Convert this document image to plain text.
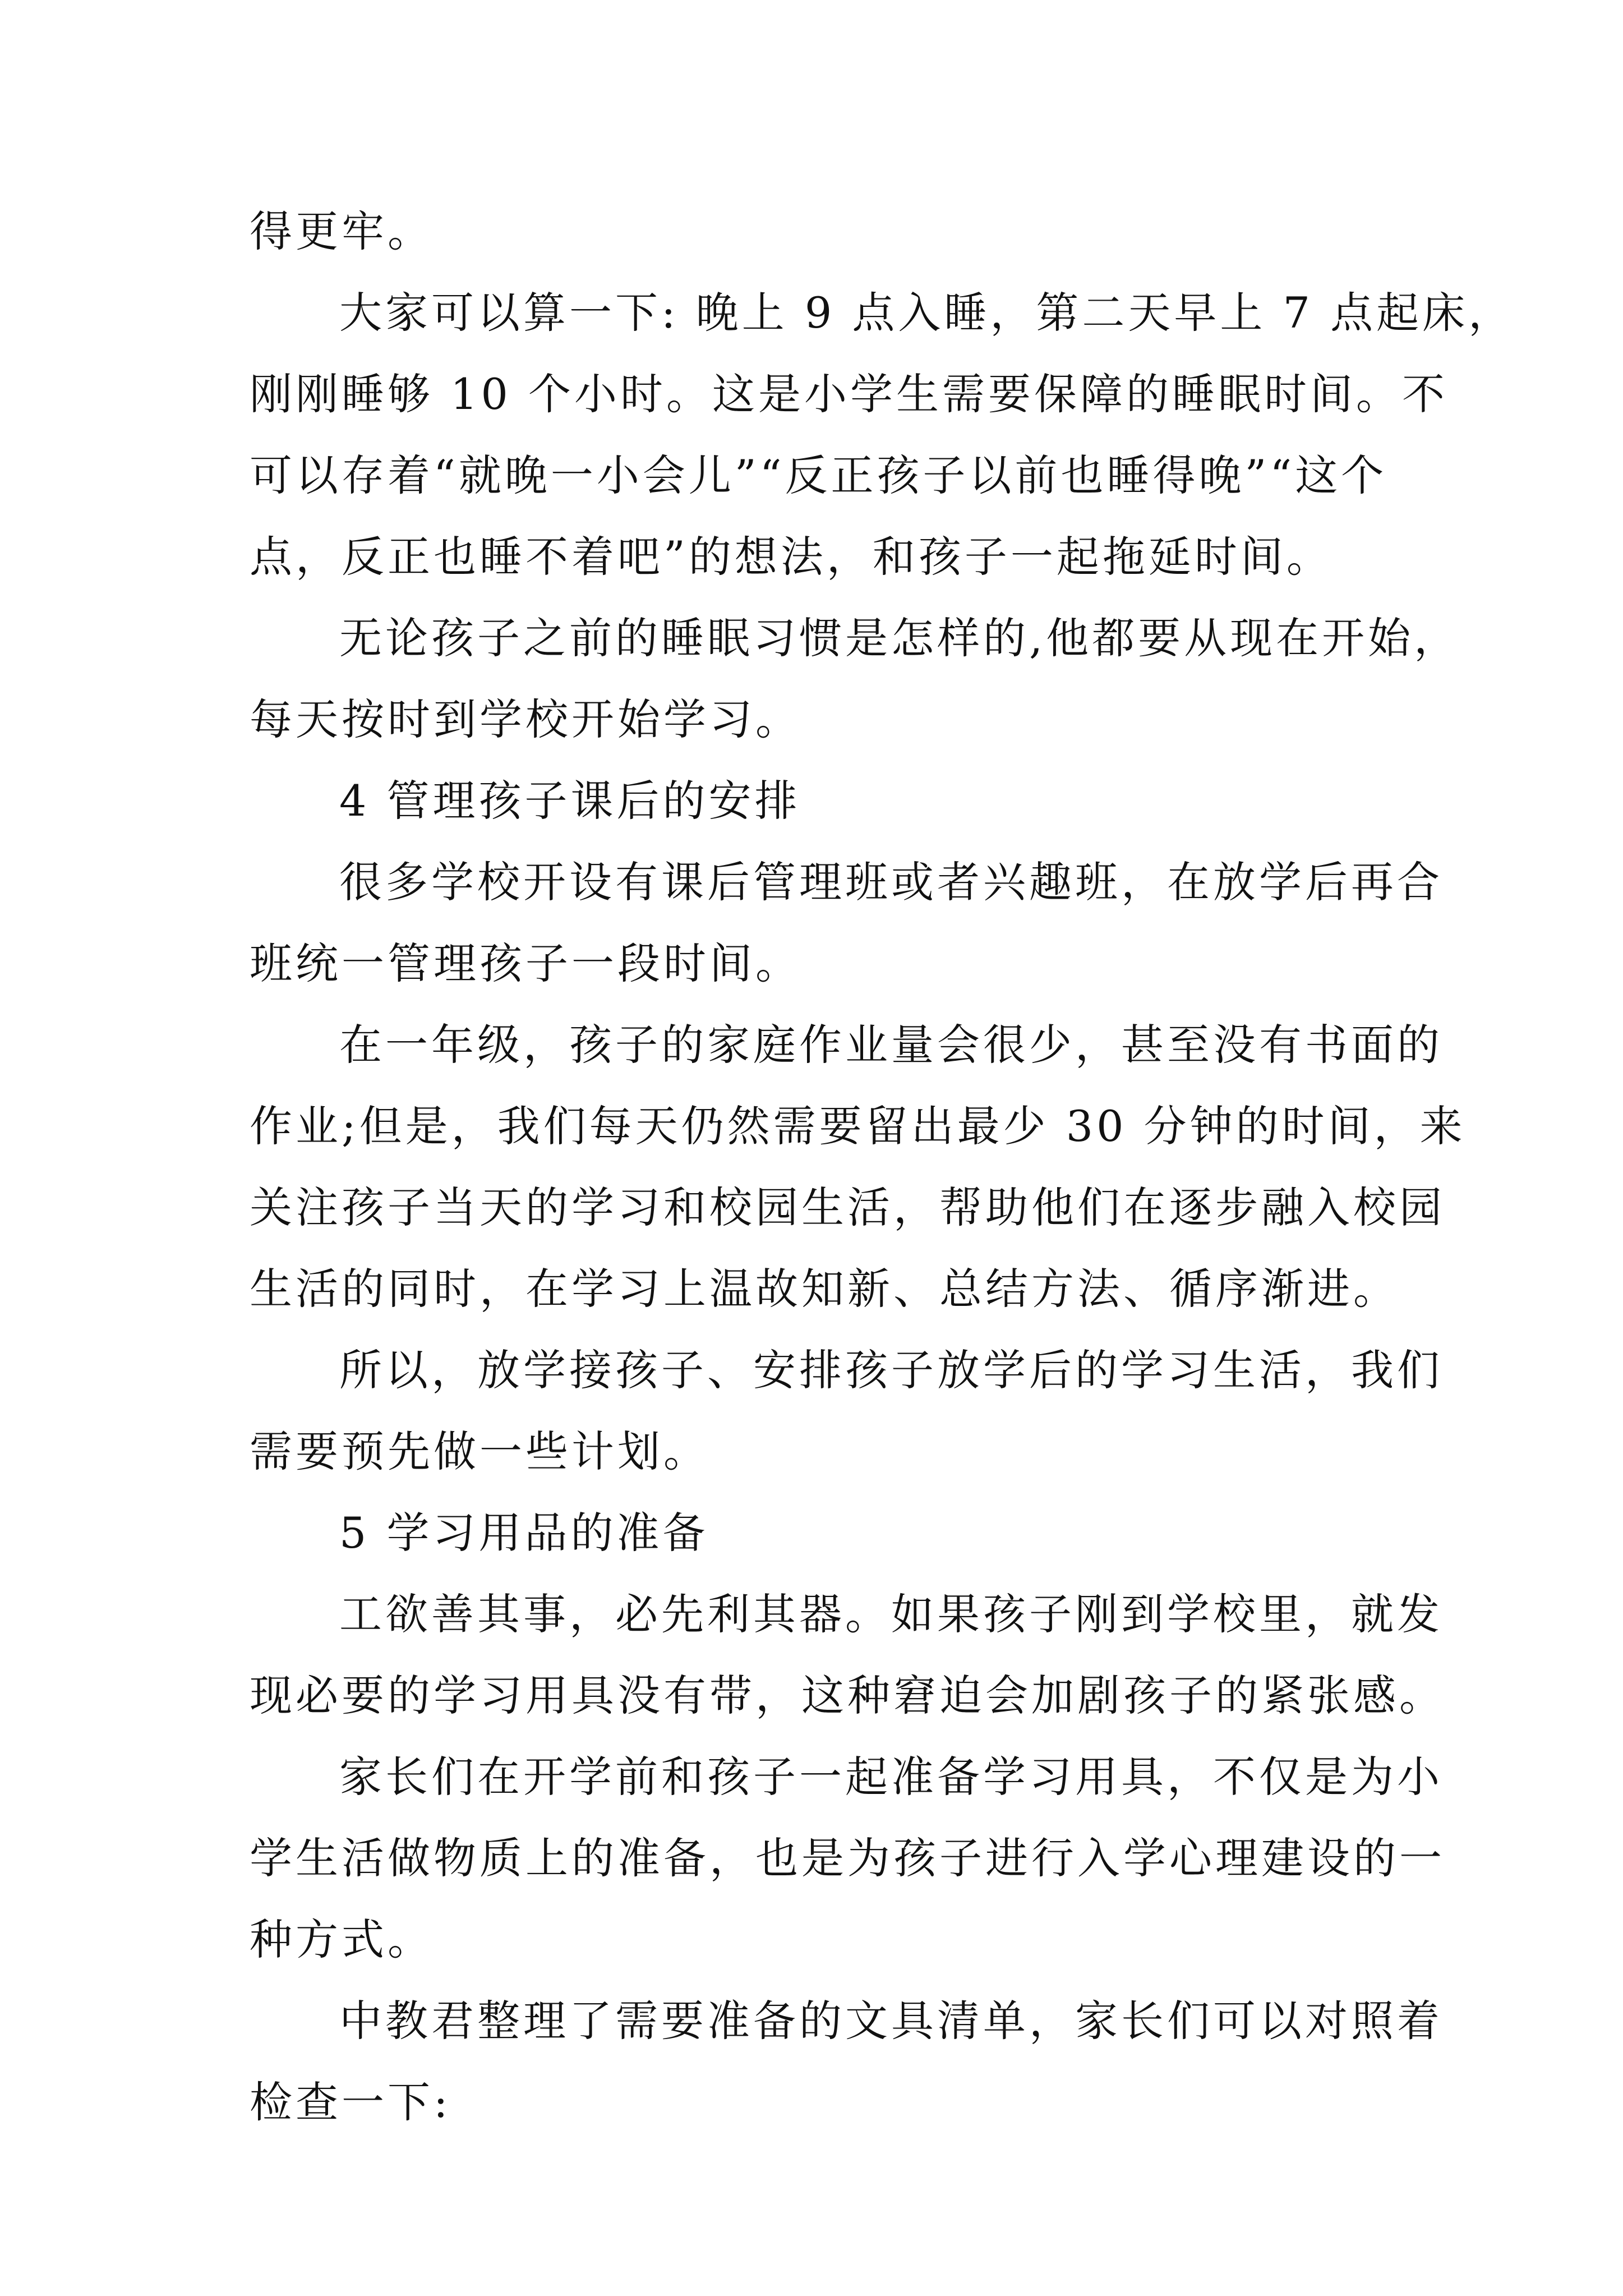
得更牢。
大家可以算一下: 晚上 9 点入睡，第二天早上 7 点起床，
刚刚睡够 10 个小时。这是小学生需要保障的睡眠时间。不
可以存着“就晚一小会儿”“反正孩子以前也睡得晚”“这个
点，反正也睡不着吧”的想法，和孩子一起拖延时间。
无论孩子之前的睡眠习惯是怎样的,他都要从现在开始，
每天按时到学校开始学习。
4 管理孩子课后的安排
很多学校开设有课后管理班或者兴趣班，在放学后再合
班统一管理孩子一段时间。
在一年级，孩子的家庭作业量会很少，甚至没有书面的
作业;但是，我们每天仍然需要留出最少 30 分钟的时间，来
关注孩子当天的学习和校园生活，帮助他们在逐步融入校园
生活的同时，在学习上温故知新、总结方法、循序渐进。
所以，放学接孩子、安排孩子放学后的学习生活，我们
需要预先做一些计划。
5 学习用品的准备
工欲善其事，必先利其器。如果孩子刚到学校里，就发
现必要的学习用具没有带，这种窘迫会加剧孩子的紧张感。
家长们在开学前和孩子一起准备学习用具，不仅是为小
学生活做物质上的准备，也是为孩子进行入学心理建设的一
种方式。
中教君整理了需要准备的文具清单，家长们可以对照着
检查一下:
